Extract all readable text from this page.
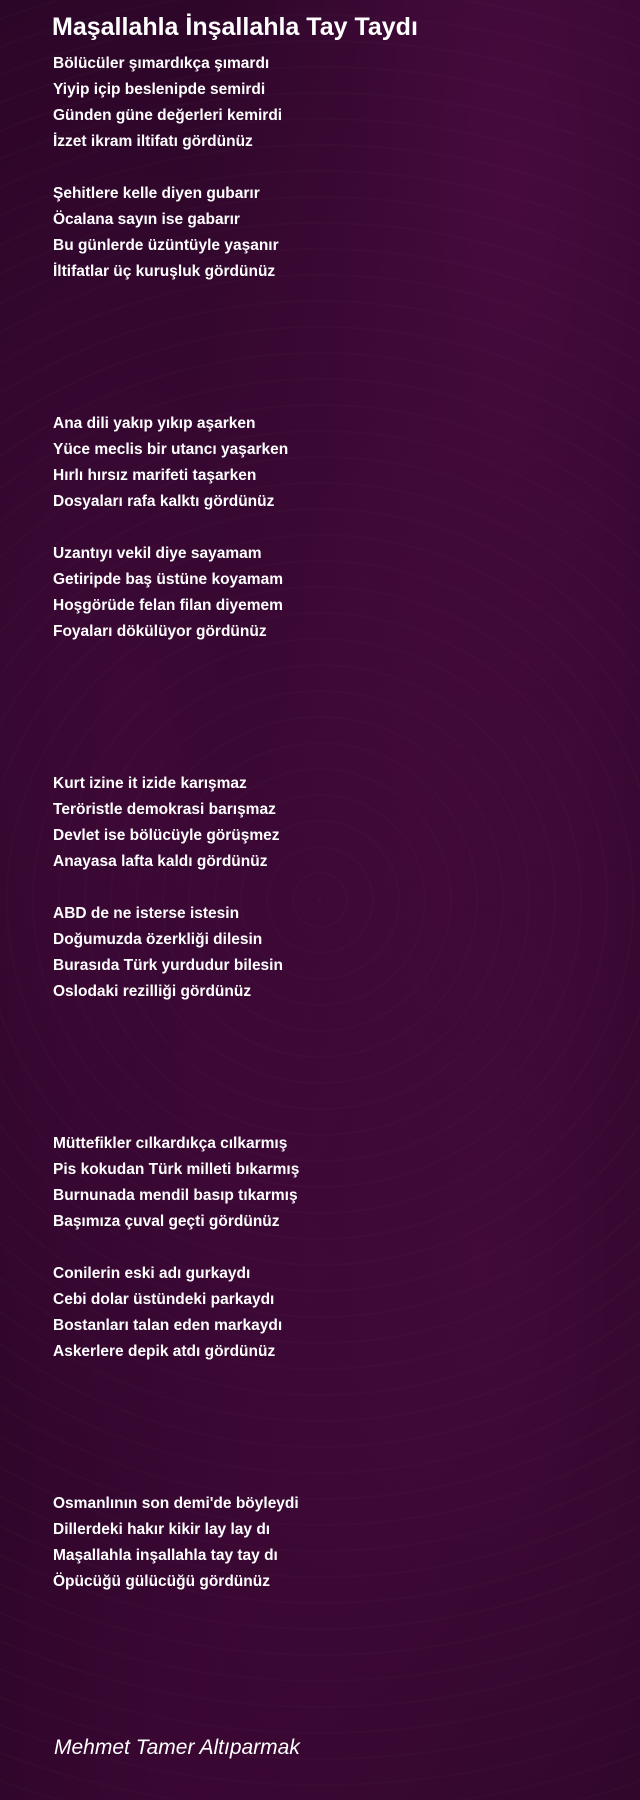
Maşallahla İnşallahla Tay Taydı
Bölücüler şımardıkça şımardı
Yiyip içip beslenipde semirdi
Günden güne değerleri kemirdi
İzzet ikram iltifatı gördünüz
Şehitlere kelle diyen gubarır
Öcalana sayın ise gabarır
Bu günlerde üzüntüyle yaşanır
İltifatlar üç kuruşluk gördünüz
Ana dili yakıp yıkıp aşarken
Yüce meclis bir utancı yaşarken
Hırlı hırsız marifeti taşarken
Dosyaları rafa kalktı gördünüz
Uzantıyı vekil diye sayamam
Getiripde baş üstüne koyamam
Hoşgörüde felan filan diyemem
Foyaları dökülüyor gördünüz
Kurt izine it izide karışmaz
Teröristle demokrasi barışmaz
Devlet ise bölücüyle görüşmez
Anayasa lafta kaldı gördünüz
ABD de ne isterse istesin
Doğumuzda özerkliği dilesin
Burasıda Türk yurdudur bilesin
Oslodaki rezilliği gördünüz
Müttefikler cılkardıkça cılkarmış
Pis kokudan Türk milleti bıkarmış
Burnunada mendil basıp tıkarmış
Başımıza çuval geçti gördünüz
Conilerin eski adı gurkaydı
Cebi dolar üstündeki parkaydı
Bostanları talan eden markaydı
Askerlere depik atdı gördünüz
Osmanlının son demi'de böyleydi
Dillerdeki hakır kikir lay lay dı
Maşallahla inşallahla tay tay dı
Öpücüğü gülücüğü gördünüz
Mehmet Tamer Altıparmak
